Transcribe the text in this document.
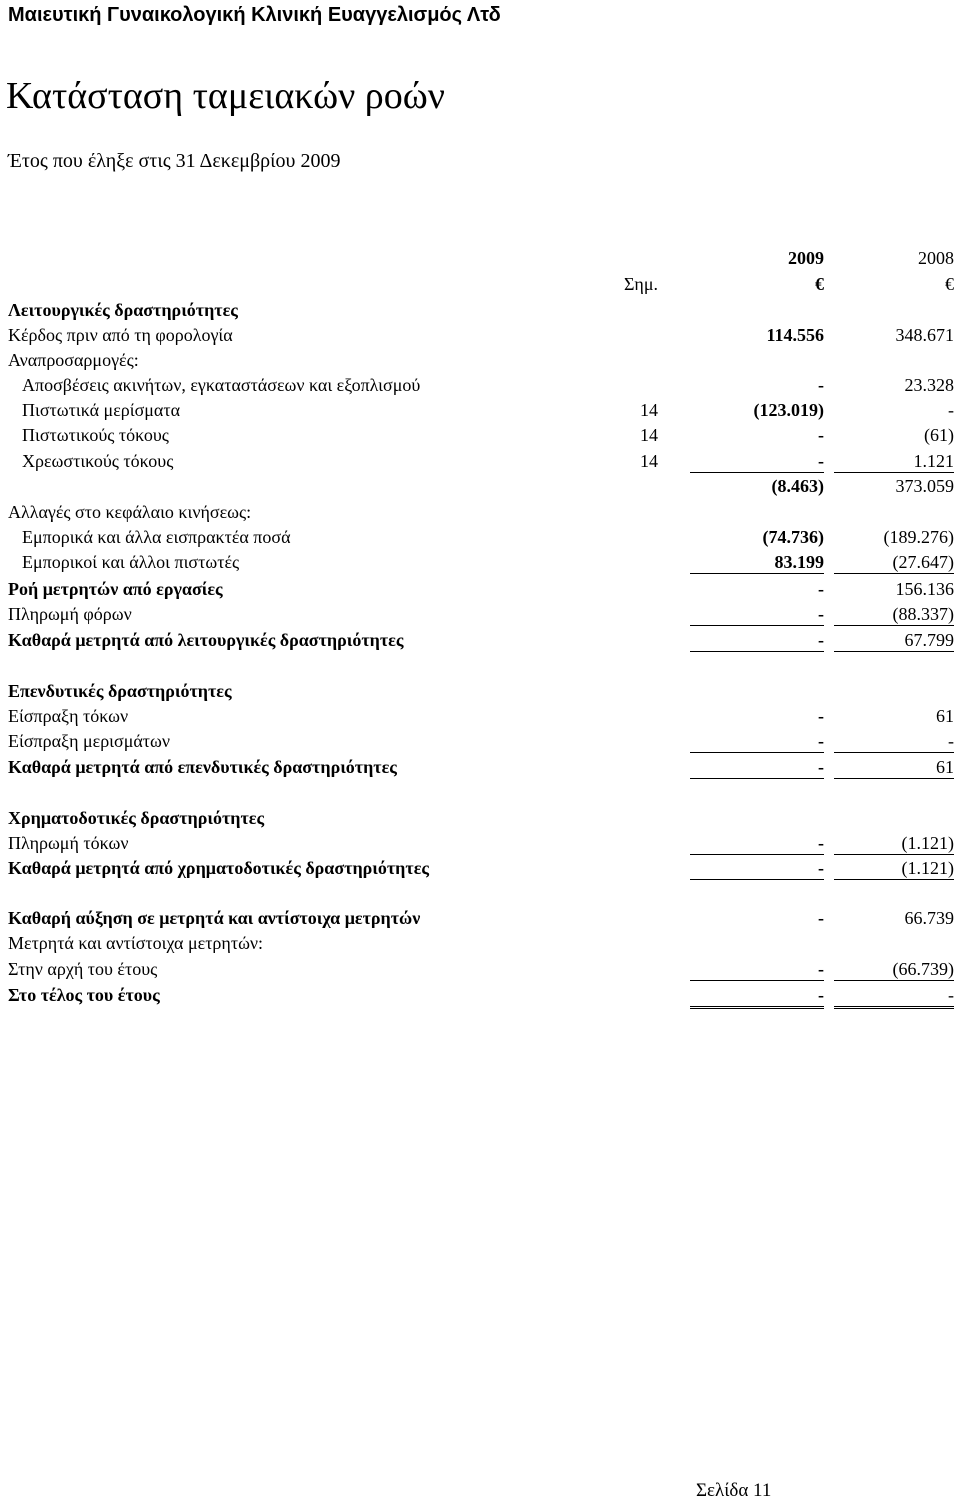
Μαιευτική Γυναικολογική Κλινική Ευαγγελισμός Λτδ
Κατάσταση ταμειακών ροών
Έτος που έληξε στις 31 Δεκεμβρίου 2009
2009	2008
Σημ.	€	€
Λειτουργικές δραστηριότητες
Κέρδος πριν από τη φορολογία	114.556	348.671
Αναπροσαρμογές:
Αποσβέσεις ακινήτων, εγκαταστάσεων και εξοπλισμού	-	23.328
Πιστωτικά μερίσματα	14	(123.019)	-
Πιστωτικούς τόκους	14	-	(61)
Χρεωστικούς τόκους	14	-	1.121
(8.463)	373.059
Αλλαγές στο κεφάλαιο κινήσεως:
Εμπορικά και άλλα εισπρακτέα ποσά	(74.736)	(189.276)
Εμπορικοί και άλλοι πιστωτές	83.199	(27.647)
Ροή μετρητών από εργασίες	-	156.136
Πληρωμή φόρων	-	(88.337)
Καθαρά μετρητά από λειτουργικές δραστηριότητες	-	67.799
Επενδυτικές δραστηριότητες
Είσπραξη τόκων	-	61
Είσπραξη μερισμάτων	-	-
Καθαρά μετρητά από επενδυτικές δραστηριότητες	-	61
Χρηματοδοτικές δραστηριότητες
Πληρωμή τόκων	-	(1.121)
Καθαρά μετρητά από χρηματοδοτικές δραστηριότητες	-	(1.121)
Καθαρή αύξηση σε μετρητά και αντίστοιχα μετρητών	-	66.739
Μετρητά και αντίστοιχα μετρητών:
Στην αρχή του έτους	-	(66.739)
Στο τέλος του έτους	-	-
Σελίδα 11
